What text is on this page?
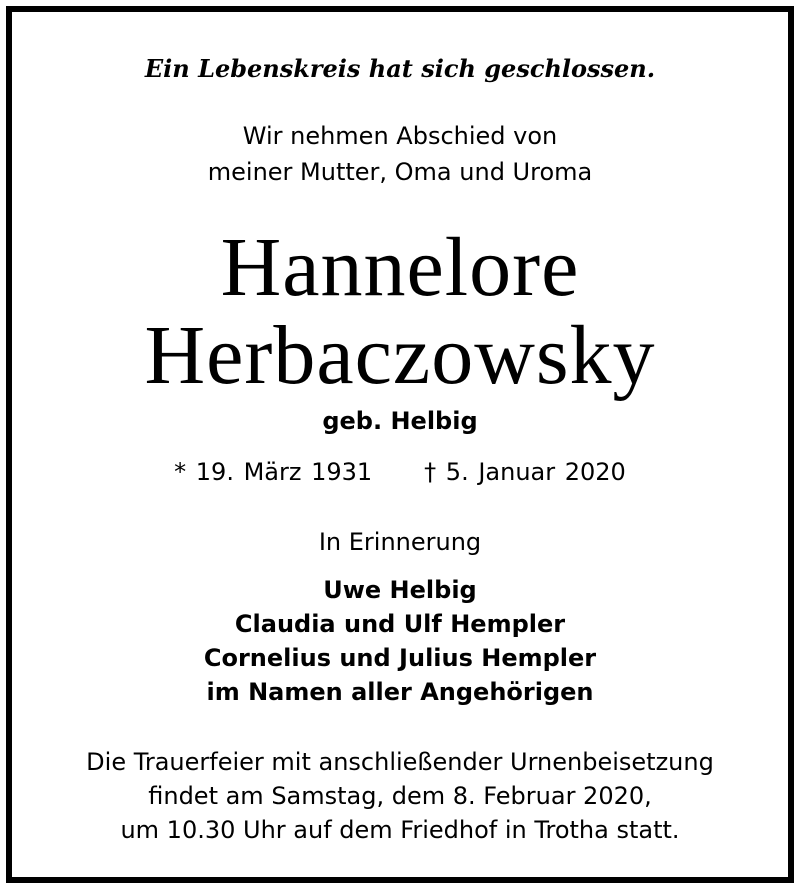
Ein Lebenskreis hat sich geschlossen.
Wir nehmen Abschied von
meiner Mutter, Oma und Uroma
Hannelore
Herbaczowsky
geb. Helbig
* 19. März 1931 † 5. Januar 2020
In Erinnerung
Uwe Helbig
Claudia und Ulf Hempler
Cornelius und Julius Hempler
im Namen aller Angehörigen
Die Trauerfeier mit anschließender Urnenbeisetzung
findet am Samstag, dem 8. Februar 2020,
um 10.30 Uhr auf dem Friedhof in Trotha statt.
